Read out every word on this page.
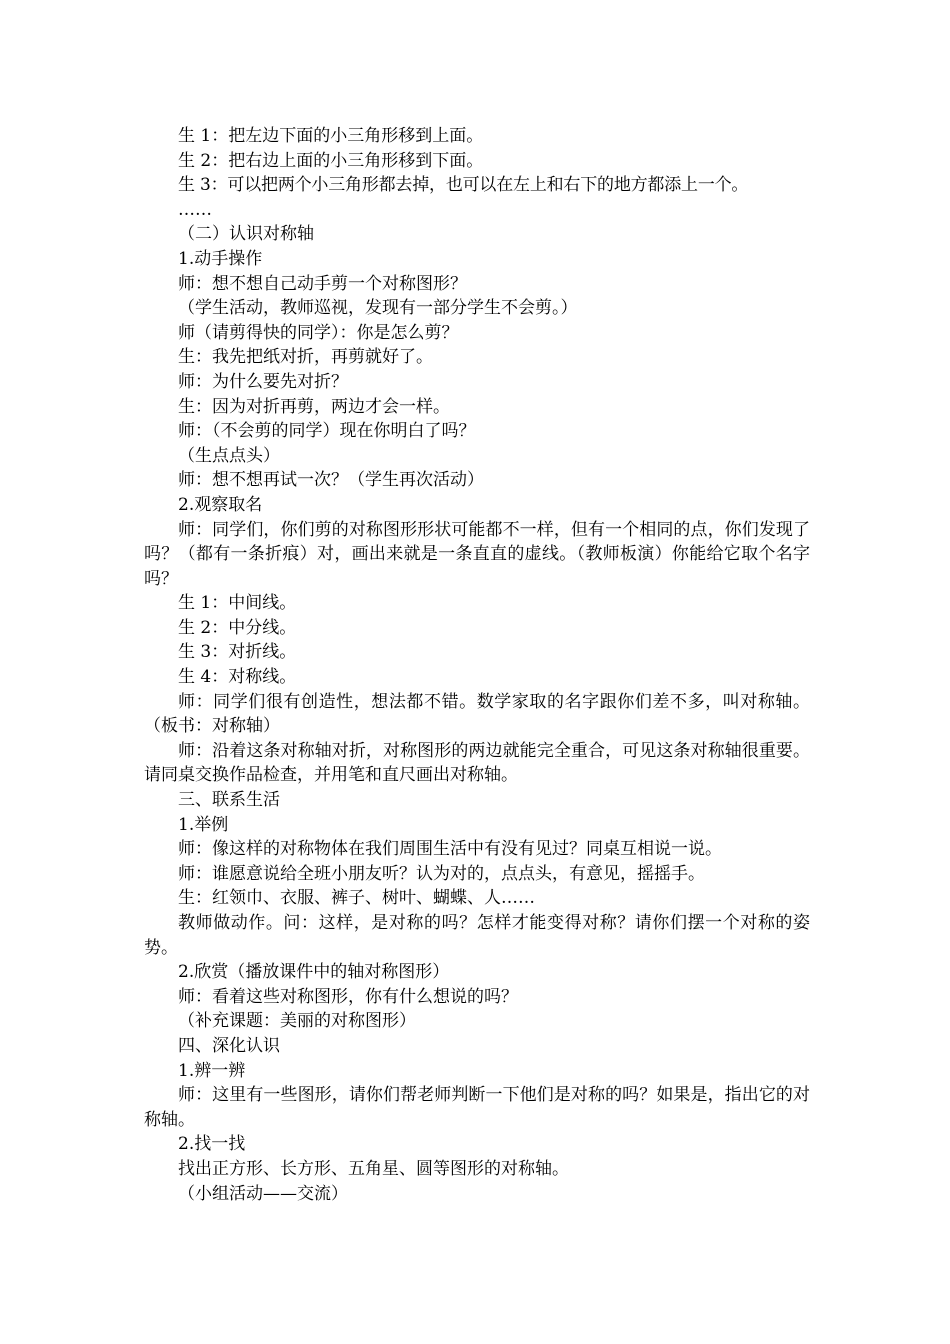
生 1：把左边下面的小三角形移到上面。

生 2：把右边上面的小三角形移到下面。

生 3：可以把两个小三角形都去掉，也可以在左上和右下的地方都添上一个。

……

（二）认识对称轴

1.动手操作

师：想不想自己动手剪一个对称图形？

（学生活动，教师巡视，发现有一部分学生不会剪。）

师（请剪得快的同学）：你是怎么剪？

生：我先把纸对折，再剪就好了。

师：为什么要先对折？

生：因为对折再剪，两边才会一样。

师：（不会剪的同学）现在你明白了吗？

（生点点头）

师：想不想再试一次？（学生再次活动）

2.观察取名

师：同学们，你们剪的对称图形形状可能都不一样，但有一个相同的点，你们发现了吗？（都有一条折痕）对，画出来就是一条直直的虚线。（教师板演）你能给它取个名字吗？

生 1：中间线。

生 2：中分线。

生 3：对折线。

生 4：对称线。

师：同学们很有创造性，想法都不错。数学家取的名字跟你们差不多，叫对称轴。（板书：对称轴）

师：沿着这条对称轴对折，对称图形的两边就能完全重合，可见这条对称轴很重要。请同桌交换作品检查，并用笔和直尺画出对称轴。

三、联系生活

1.举例

师：像这样的对称物体在我们周围生活中有没有见过？同桌互相说一说。

师：谁愿意说给全班小朋友听？认为对的，点点头，有意见，摇摇手。

生：红领巾、衣服、裤子、树叶、蝴蝶、人……

教师做动作。问：这样，是对称的吗？怎样才能变得对称？请你们摆一个对称的姿势。

2.欣赏（播放课件中的轴对称图形）

师：看着这些对称图形，你有什么想说的吗？

（补充课题：美丽的对称图形）

四、深化认识

1.辨一辨

师：这里有一些图形，请你们帮老师判断一下他们是对称的吗？如果是，指出它的对称轴。

2.找一找

找出正方形、长方形、五角星、圆等图形的对称轴。

（小组活动——交流）
